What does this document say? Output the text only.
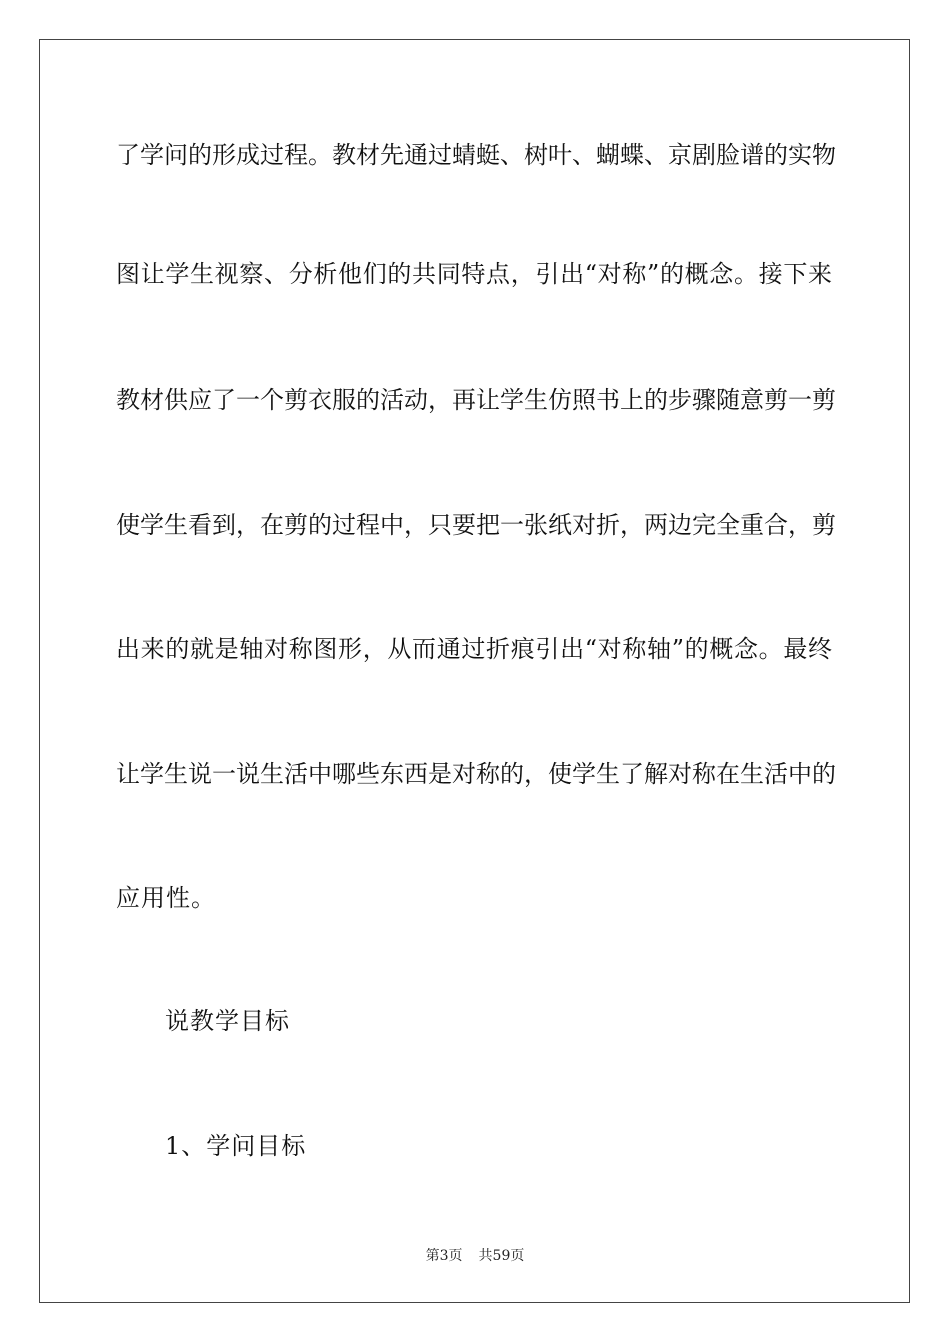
了学问的形成过程。教材先通过蜻蜓、树叶、蝴蝶、京剧脸谱的实物
图让学生视察、分析他们的共同特点，引出“对称”的概念。接下来
教材供应了一个剪衣服的活动，再让学生仿照书上的步骤随意剪一剪
使学生看到，在剪的过程中，只要把一张纸对折，两边完全重合，剪
出来的就是轴对称图形，从而通过折痕引出“对称轴”的概念。最终
让学生说一说生活中哪些东西是对称的，使学生了解对称在生活中的
应用性。
说教学目标
1、学问目标
第3页 共59页
